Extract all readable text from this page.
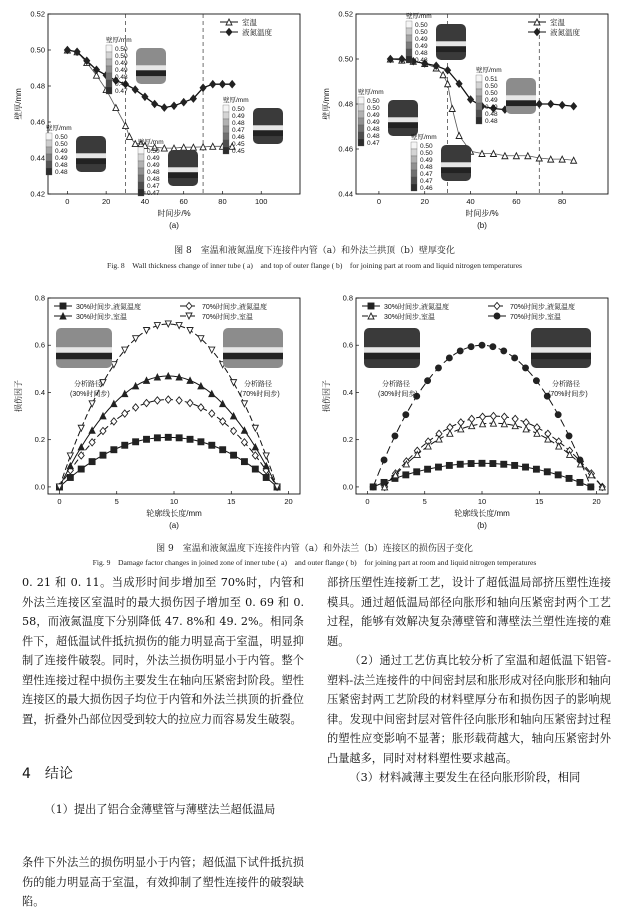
0	20	40	60	80	100
0.42
0.44
0.46
0.48
0.50
0.52
时间步/%
壁厚/mm
(a)
室温
液氮温度
壁厚/mm
0.50
0.50
0.49
0.49
0.48
0.48
0.47
壁厚/mm
0.50
0.49
0.48
0.47
0.46
0.45
0.45
壁厚/mm
0.50
0.50
0.49
0.49
0.48
0.48
壁厚/mm
0.50
0.49
0.49
0.48
0.48
0.47
0.47
0	20	40	60	80
0.44
0.46
0.48
0.50
0.52
时间步/%
壁厚/mm
(b)
室温
液氮温度
壁厚/mm
0.50
0.50
0.49
0.49
0.48
0.48
0.47
壁厚/mm
0.51
0.50
0.50
0.49
0.49
0.48
0.48
壁厚/mm
0.50
0.50
0.49
0.49
0.48
0.48
壁厚/mm
0.50
0.50
0.49
0.48
0.47
0.47
0.46
图 8　室温和液氮温度下连接件内管（a）和外法兰拱顶（b）壁厚变化
Fig. 8　Wall thickness change of inner tube ( a)　and top of outer flange ( b)　for joining part at room and liquid nitrogen temperatures
0	5	10	15	20
0.0
0.2
0.4
0.6
0.8
轮廓线长度/mm
损伤因子
(a)
30%时间步,液氮温度	70%时间步,液氮温度
30%时间步,室温	70%时间步,室温
分析路径
(30%时间步)
分析路径
(70%时间步)
0	5	10	15	20
0.0
0.2
0.4
0.6
0.8
轮廓线长度/mm
损伤因子
(b)
30%时间步,液氮温度	70%时间步,液氮温度
30%时间步,室温	70%时间步,室温
分析路径
(30%时间步)
分析路径
(70%时间步)
图 9　室温和液氮温度下连接件内管（a）和外法兰（b）连接区的损伤因子变化
Fig. 9　Damage factor changes in joined zone of inner tube ( a)　and outer flange ( b)　for joining part at room and liquid nitrogen temperatures

0. 21 和 0. 11。当成形时间步增加至 70%时，内管和外法兰连接区室温时的最大损伤因子增加至 0. 69 和 0. 58，而液氮温度下分别降低 47. 8%和 49. 2%。相同条件下，超低温试件抵抗损伤的能力明显高于室温，明显抑制了连接件破裂。同时，外法兰损伤明显小于内管。整个塑性连接过程中损伤主要发生在轴向压紧密封阶段。塑性连接区的最大损伤因子均位于内管和外法兰拱顶的折叠位置，折叠外凸部位因受到较大的拉应力而容易发生破裂。

4　结论

（1）提出了铝合金薄壁管与薄壁法兰超低温局

条件下外法兰的损伤明显小于内管；超低温下试件抵抗损伤的能力明显高于室温，有效抑制了塑性连接件的破裂缺陷。

部挤压塑性连接新工艺，设计了超低温局部挤压塑性连接模具。通过超低温局部径向胀形和轴向压紧密封两个工艺过程，能够有效解决复杂薄壁管和薄壁法兰塑性连接的难题。

（2）通过工艺仿真比较分析了室温和超低温下铝管-塑料-法兰连接件的中间密封层和胀形成对径向胀形和轴向压紧密封两工艺阶段的材料壁厚分布和损伤因子的影响规律。发现中间密封层对管件径向胀形和轴向压紧密封过程的塑性应变影响不显著；胀形载荷越大，轴向压紧密封外凸量越多，同时对材料塑性要求越高。

（3）材料减薄主要发生在径向胀形阶段，相同
